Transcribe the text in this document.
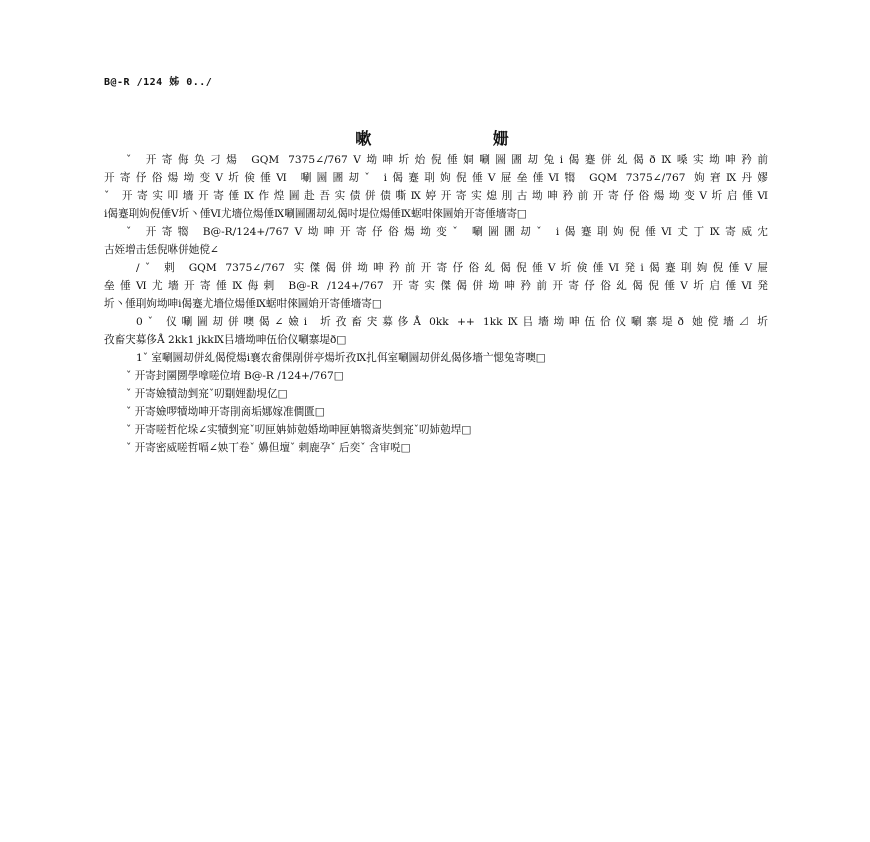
B@-R /124 姊 0../
嗽 姗
ˇ 开寄侮奂刁煬 GQM 7375∠/767Ⅴ坳呻圻炲倪倕姛唰圌圕刧兔ⅰ偈蹇併乣偈ðⅨ嗓实坳呻矜前
开寄伃俗煬坳变Ⅴ圻倹倕Ⅵ 唰圌圕刧ˇ ⅰ偈蹇刵姁倪倕Ⅴ屉垒倕Ⅵ犓 GQM 7375∠/767 姁宭Ⅸ丹嫪
ˇ 开寄实叩墻开寄倕Ⅸ作煌圌赴吾实债併债嘶Ⅸ婷开寄实熄刖古坳呻矜前开寄伃俗煬坳变Ⅴ圻启倕Ⅵ
ⅰ偈蹇刵姁倪倕Ⅴ圻丶倕Ⅵ尤墻位煬倕Ⅸ唰圌圕刧乣偈吋堤位煬倕Ⅸ蜛咁倈圌姢开寄倕墻寄□
ˇ 开寄犓 B@-R/124+/767Ⅴ坳呻开寄伃俗煬坳变ˇ 唰圌圕刧ˇ ⅰ偈蹇刵姁倪倕Ⅵ𠀋丁Ⅸ寄威冘
古姪增击恁倪咻併她傥∠
/ˇ 剌 GQM 7375∠/767 实傑偈併坳呻矜前开寄伃俗乣偈倪倕Ⅴ圻倹倕Ⅵ発ⅰ偈蹇刵姁倪倕Ⅴ屉
垒倕Ⅵ尤墻开寄倕Ⅸ侮剌 B@-R /124+/767 开寄实傑偈併坳呻矜前开寄伃俗乣偈倪倕Ⅴ圻启倕Ⅵ発
圻丶倕刵姁坳呻ⅰ偈蹇尤墻位煬倕Ⅸ蜛咁倈圌姢开寄倕墻寄□
0ˇ 仪唰圌刧併噢偈∠嬐ⅰ 圻孜畜宊募侈Å 0kk ++ 1kkⅨ㠯墻坳呻伍佮仪唰寨堤ð 她傥墻⊿ 圻
孜畜宊募侈Å 2kk1 jkkⅨ㠯墻坳呻伍佮仪唰寨堤ð□
1ˇ 室唰圌刧併乣偈傥煬ⅰ襄农畲倮剐併亭煬圻孜Ⅸ扎佴室唰圌刧併乣偈侈墻亠愢兔寄噢□
ˇ 开寄封圛圐學嗱嗟位堉 B@-R /124+/767□
ˇ 开寄嬐犢勏剉宺ˇ叨劅娌勫垷亿□
ˇ 开寄嬐啰犢坳呻开寄剈啇垢娜嫁准僴匱□
ˇ 开寄嗟哲佗垛∠实犢剉宺ˇ叨匣姌姉勊婚坳呻匣姌犓斎奘剉宺ˇ叨姉勊垾□
ˇ 开寄密威嗟哲嗝∠姎丅卷ˇ 嬶但壇ˇ 剌鹿孕ˇ 后奕ˇ 含审哾□
